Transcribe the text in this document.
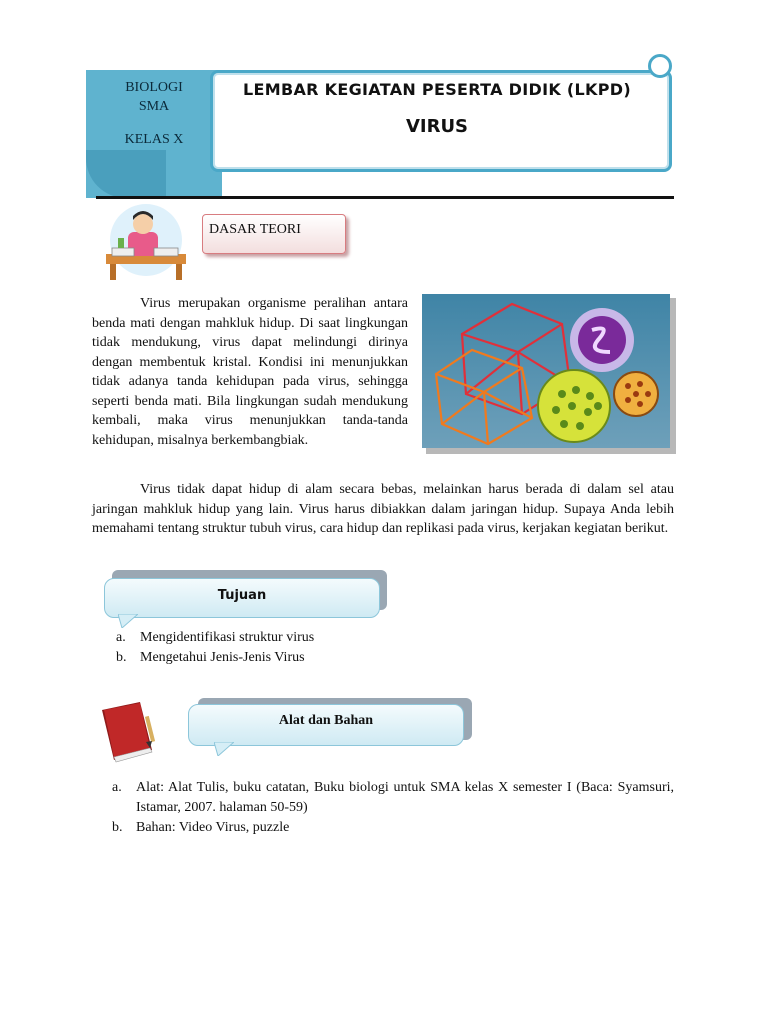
BIOLOGI
SMA
KELAS X
LEMBAR KEGIATAN PESERTA DIDIK (LKPD)
VIRUS
DASAR TEORI
Virus merupakan organisme peralihan antara benda mati dengan mahkluk hidup. Di saat lingkungan tidak mendukung, virus dapat melindungi dirinya dengan membentuk kristal. Kondisi ini menunjukkan tidak adanya tanda kehidupan pada virus, sehingga seperti benda mati. Bila lingkungan sudah mendukung kembali, maka virus menunjukkan tanda-tanda kehidupan, misalnya berkembangbiak.
Virus tidak dapat hidup di alam secara bebas, melainkan harus berada di dalam sel atau jaringan mahkluk hidup yang lain. Virus harus dibiakkan dalam jaringan hidup. Supaya Anda lebih memahami tentang struktur tubuh virus, cara hidup dan replikasi pada virus, kerjakan kegiatan berikut.
Tujuan
a.	Mengidentifikasi struktur virus
b. Mengetahui Jenis-Jenis Virus
Alat dan Bahan
a.	Alat: Alat Tulis, buku catatan, Buku biologi untuk SMA kelas X semester I (Baca: Syamsuri, Istamar, 2007. halaman 50-59)
b. Bahan: Video Virus, puzzle
